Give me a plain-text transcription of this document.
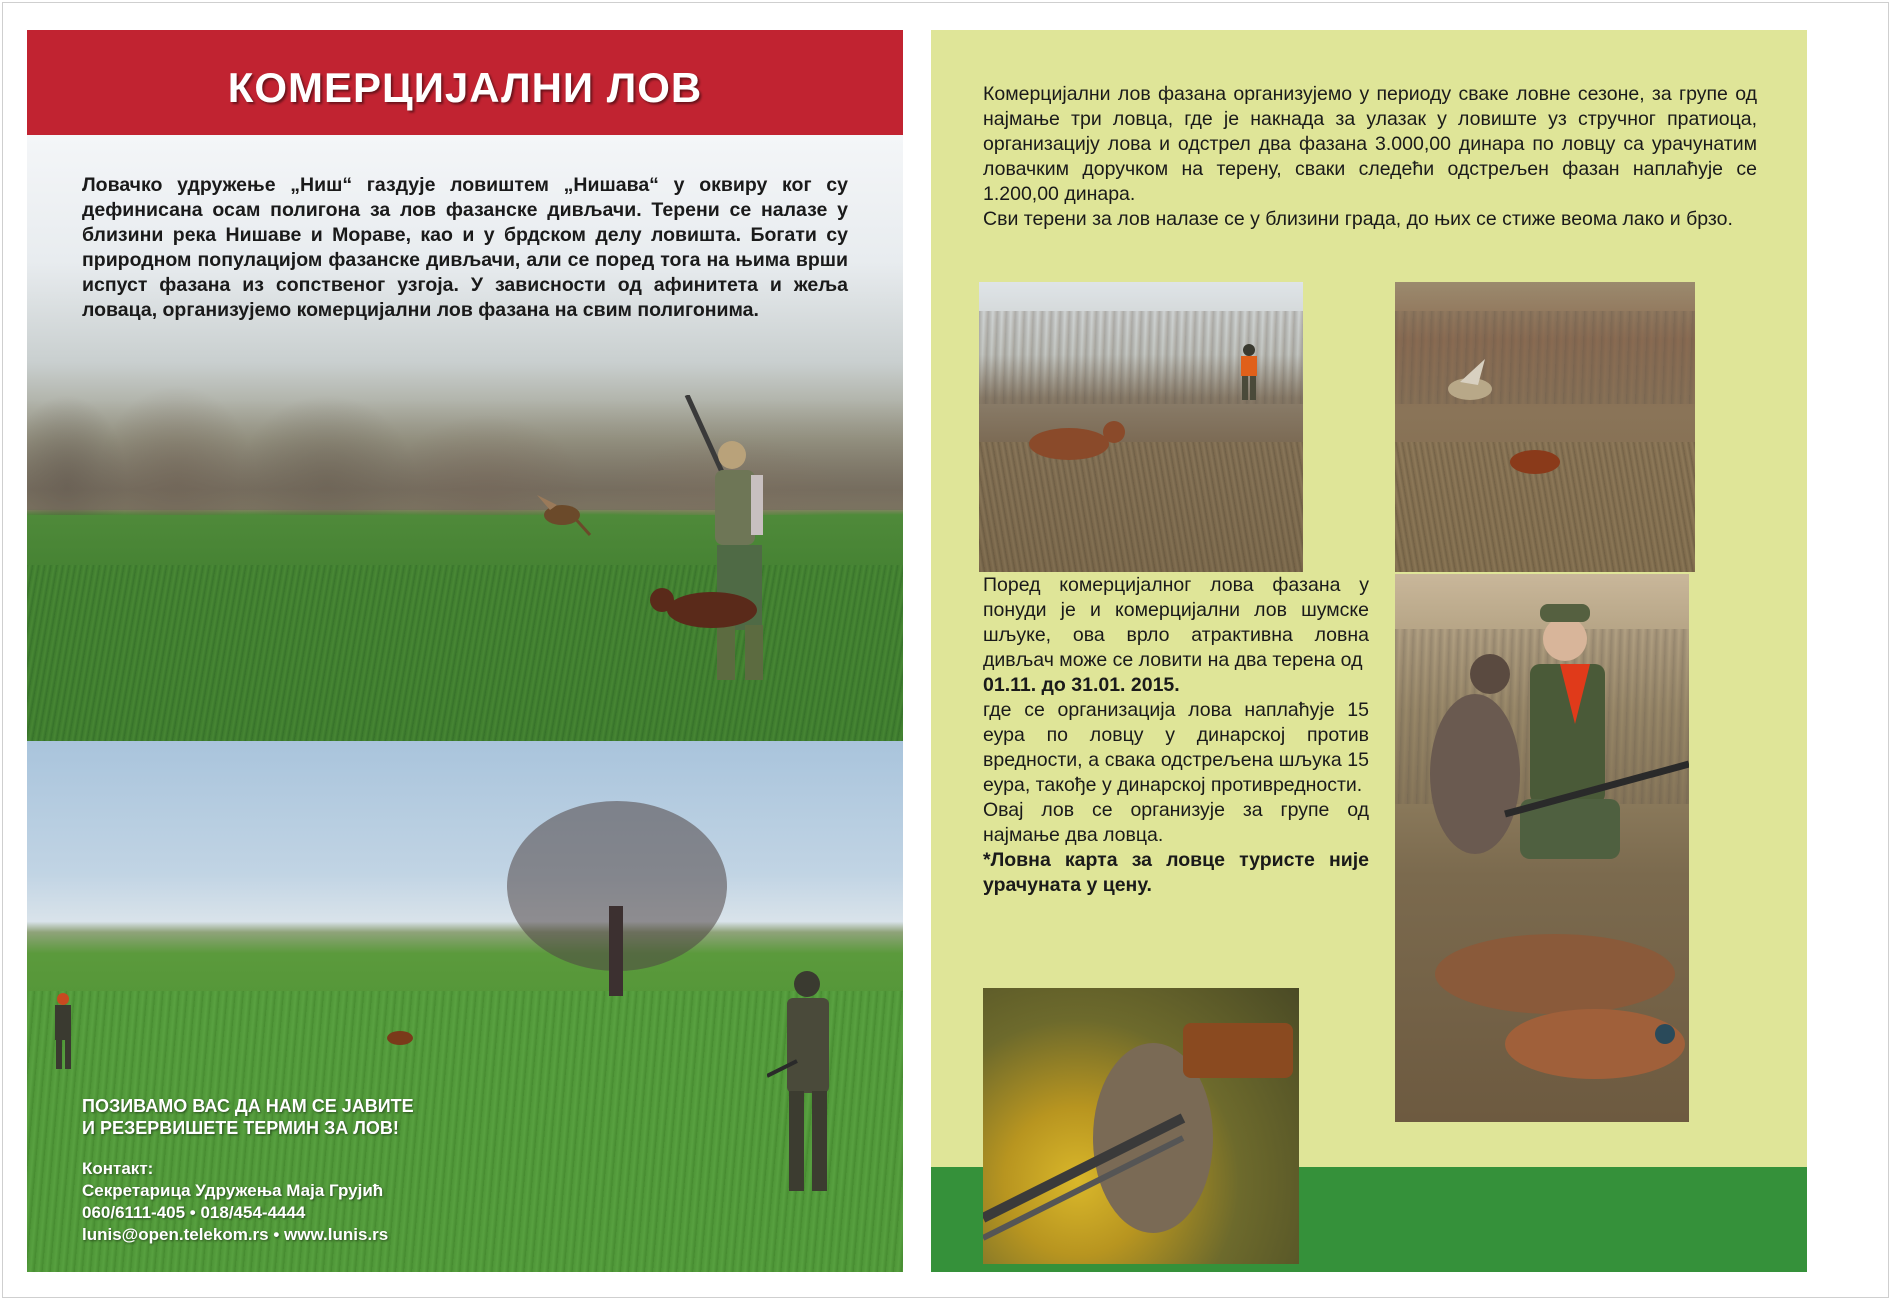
КОМЕРЦИЈАЛНИ ЛОВ
Ловачко удружење „Ниш“ газдује ловиштем „Нишава“ у оквиру ког су дефинисана осам полигона за лов фазанске дивљачи. Терени се налазе у близини река Нишаве и Мораве, као и у брдском делу ловишта. Богати су природном популацијом фазанске дивљачи, али се поред тога на њима врши испуст фазана из сопственог узгоја. У зависности од афинитета и жеља ловаца, организујемо комерцијални лов фазана на свим полигонима.
ПОЗИВАМО ВАС ДА НАМ СЕ ЈАВИТЕ
И РЕЗЕРВИШЕТЕ ТЕРМИН ЗА ЛОВ!
Контакт:
Секретарица Удружења Маја Грујић
060/6111-405 • 018/454-4444
lunis@open.telekom.rs • www.lunis.rs

Комерцијални лов фазана организујемо у периоду сваке ловне сезоне, за групе од најмање три ловца, где је накнада за улазак у ловиште уз стручног пратиоца, организацију лова и одстрел два фазана 3.000,00 динара по ловцу са урачунатим ловачким доручком на терену, сваки следећи одстрељен фазан наплаћује се 1.200,00 динара.

Сви терени за лов налазе се у близини града, до њих се стиже веома лако и брзо.

Поред комерцијалног лова фазана у понуди је и комерцијални лов шумске шљуке, ова врло атрактивна ловна дивљач може се ловити на два терена од

01.11. до 31.01. 2015.

где се организација лова наплаћује 15 еура по ловцу у динарској против вредности, а свака одстрељена шљука 15 еура, такође у динарској противредности.

Овај лов се организује за групе од најмање два ловца.

*Ловна карта за ловце туристе није урачуната у цену.
